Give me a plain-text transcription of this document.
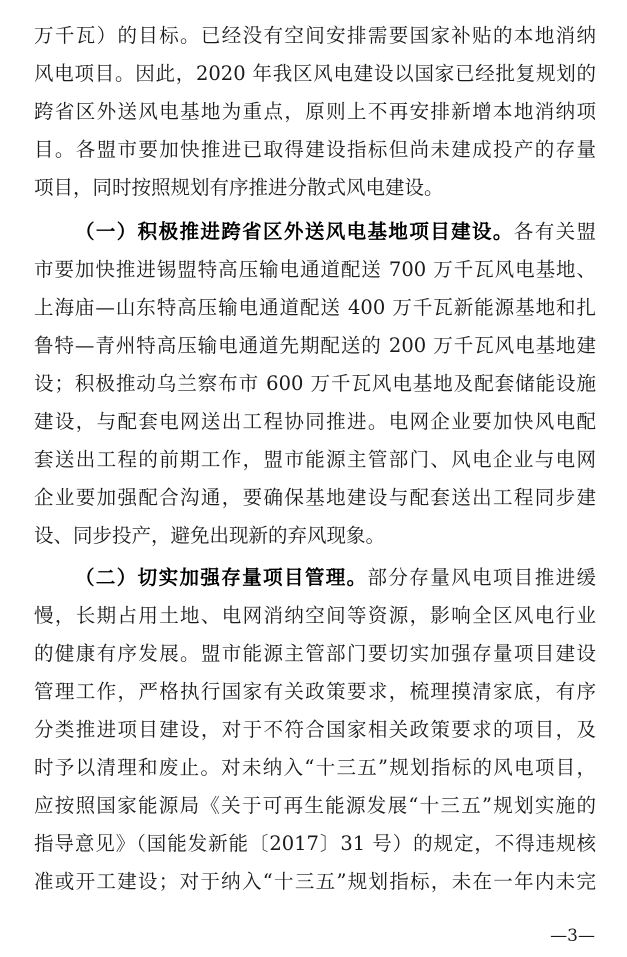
万千瓦）的目标。已经没有空间安排需要国家补贴的本地消纳
风电项目。因此，2020 年我区风电建设以国家已经批复规划的
跨省区外送风电基地为重点，原则上不再安排新增本地消纳项
目。各盟市要加快推进已取得建设指标但尚未建成投产的存量
项目，同时按照规划有序推进分散式风电建设。
（一）积极推进跨省区外送风电基地项目建设。各有关盟
市要加快推进锡盟特高压输电通道配送 700 万千瓦风电基地、
上海庙—山东特高压输电通道配送 400 万千瓦新能源基地和扎
鲁特—青州特高压输电通道先期配送的 200 万千瓦风电基地建
设；积极推动乌兰察布市 600 万千瓦风电基地及配套储能设施
建设，与配套电网送出工程协同推进。电网企业要加快风电配
套送出工程的前期工作，盟市能源主管部门、风电企业与电网
企业要加强配合沟通，要确保基地建设与配套送出工程同步建
设、同步投产，避免出现新的弃风现象。
（二）切实加强存量项目管理。部分存量风电项目推进缓
慢，长期占用土地、电网消纳空间等资源，影响全区风电行业
的健康有序发展。盟市能源主管部门要切实加强存量项目建设
管理工作，严格执行国家有关政策要求，梳理摸清家底，有序
分类推进项目建设，对于不符合国家相关政策要求的项目，及
时予以清理和废止。对未纳入“十三五”规划指标的风电项目，
应按照国家能源局《关于可再生能源发展“十三五”规划实施的
指导意见》（国能发新能〔2017〕31 号）的规定，不得违规核
准或开工建设；对于纳入“十三五”规划指标，未在一年内未完
—3—
